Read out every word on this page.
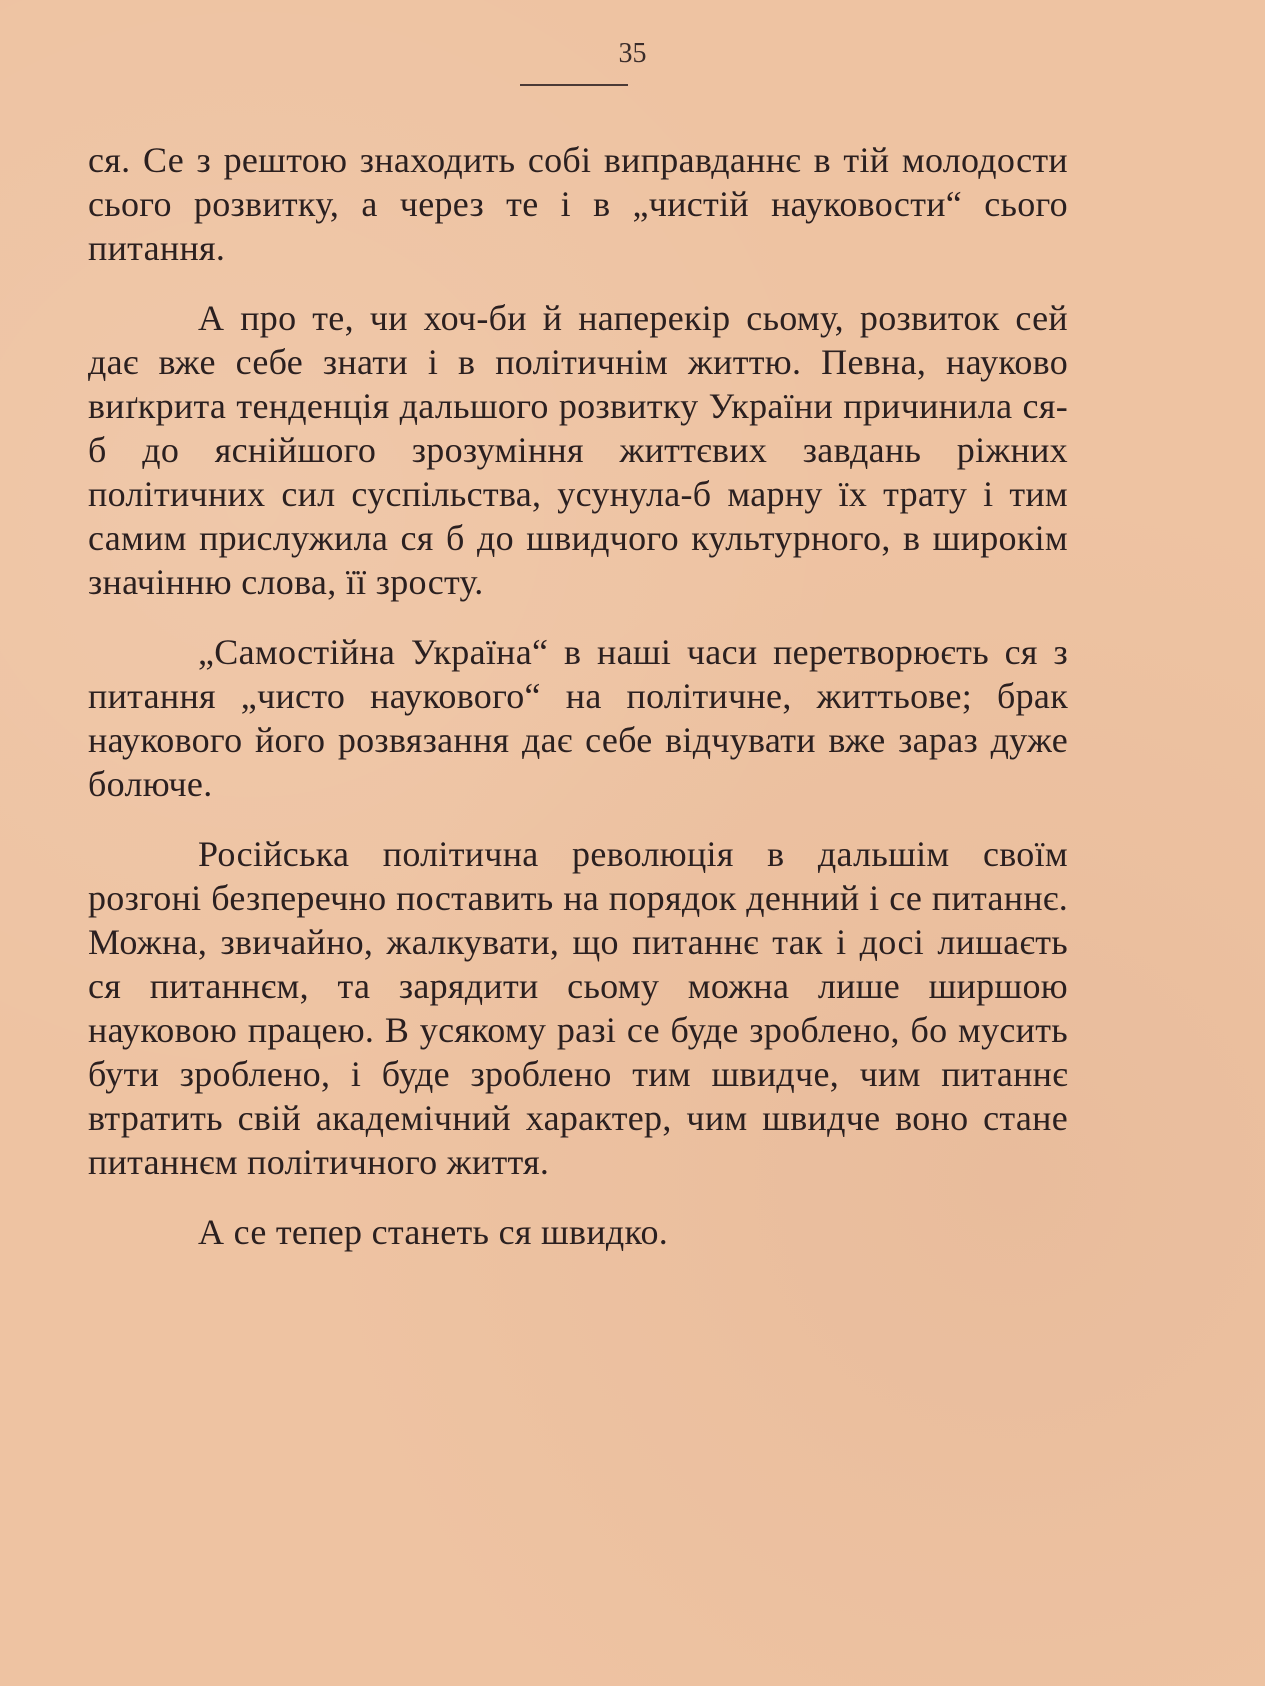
35

ся. Се з рештою знаходить собі виправданнє в тій молодости сього розвитку, а через те і в „чистій науковости“ сього питання.

А про те, чи хоч-би й наперекір сьому, розвиток сей дає вже себе знати і в політичнім життю. Певна, науково виґкрита тенденція дальшого розвитку України причинила ся-б до яснійшого зрозуміння життєвих завдань ріжних політичних сил суспільства, усунула-б марну їх трату і тим самим прислужила ся б до швидчого культурного, в широкім значінню слова, її зросту.

„Самостійна Україна“ в наші часи перетворюєть ся з питання „чисто наукового“ на політичне, життьове; брак наукового його розвязання дає себе відчувати вже зараз дуже болюче.

Російська політична революція в дальшім своїм розгоні безперечно поставить на порядок денний і се питаннє. Можна, звичайно, жалкувати, що питаннє так і досі лишаєть ся питаннєм, та зарядити сьому можна лише ширшою науковою працею. В усякому разі се буде зроблено, бо мусить бути зроблено, і буде зроблено тим швидче, чим питаннє втратить свій академічний характер, чим швидче воно стане питаннєм політичного життя.

А се тепер станеть ся швидко.
